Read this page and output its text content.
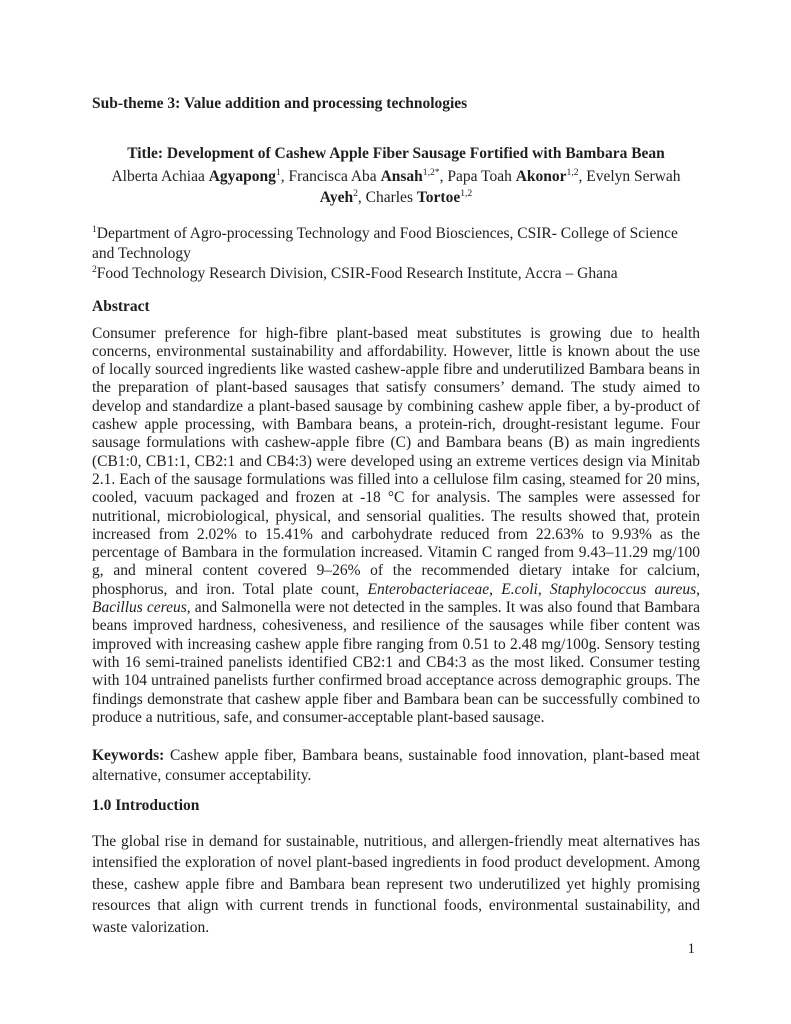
Sub-theme 3: Value addition and processing technologies

Title: Development of Cashew Apple Fiber Sausage Fortified with Bambara Bean

Alberta Achiaa Agyapong$^1$, Francisca Aba Ansah$^{1,2*}$, Papa Toah Akonor$^{1,2}$, Evelyn Serwah Ayeh$^2$, Charles Tortoe$^{1,2}$

$^1$Department of Agro-processing Technology and Food Biosciences, CSIR- College of Science and Technology

$^2$Food Technology Research Division, CSIR-Food Research Institute, Accra – Ghana

Abstract

Consumer preference for high-fibre plant-based meat substitutes is growing due to health concerns, environmental sustainability and affordability. However, little is known about the use of locally sourced ingredients like wasted cashew-apple fibre and underutilized Bambara beans in the preparation of plant-based sausages that satisfy consumers’ demand. The study aimed to develop and standardize a plant-based sausage by combining cashew apple fiber, a by-product of cashew apple processing, with Bambara beans, a protein-rich, drought-resistant legume. Four sausage formulations with cashew-apple fibre (C) and Bambara beans (B) as main ingredients (CB1:0, CB1:1, CB2:1 and CB4:3) were developed using an extreme vertices design via Minitab 2.1. Each of the sausage formulations was filled into a cellulose film casing, steamed for 20 mins, cooled, vacuum packaged and frozen at -18 °C for analysis. The samples were assessed for nutritional, microbiological, physical, and sensorial qualities. The results showed that, protein increased from 2.02% to 15.41% and carbohydrate reduced from 22.63% to 9.93% as the percentage of Bambara in the formulation increased. Vitamin C ranged from 9.43–11.29 mg/100 g, and mineral content covered 9–26% of the recommended dietary intake for calcium, phosphorus, and iron. Total plate count, Enterobacteriaceae, E.coli, Staphylococcus aureus, Bacillus cereus, and Salmonella were not detected in the samples. It was also found that Bambara beans improved hardness, cohesiveness, and resilience of the sausages while fiber content was improved with increasing cashew apple fibre ranging from 0.51 to 2.48 mg/100g. Sensory testing with 16 semi-trained panelists identified CB2:1 and CB4:3 as the most liked. Consumer testing with 104 untrained panelists further confirmed broad acceptance across demographic groups. The findings demonstrate that cashew apple fiber and Bambara bean can be successfully combined to produce a nutritious, safe, and consumer-acceptable plant-based sausage.

Keywords: Cashew apple fiber, Bambara beans, sustainable food innovation, plant-based meat alternative, consumer acceptability.

1.0 Introduction

The global rise in demand for sustainable, nutritious, and allergen-friendly meat alternatives has intensified the exploration of novel plant-based ingredients in food product development. Among these, cashew apple fibre and Bambara bean represent two underutilized yet highly promising resources that align with current trends in functional foods, environmental sustainability, and waste valorization.

1
